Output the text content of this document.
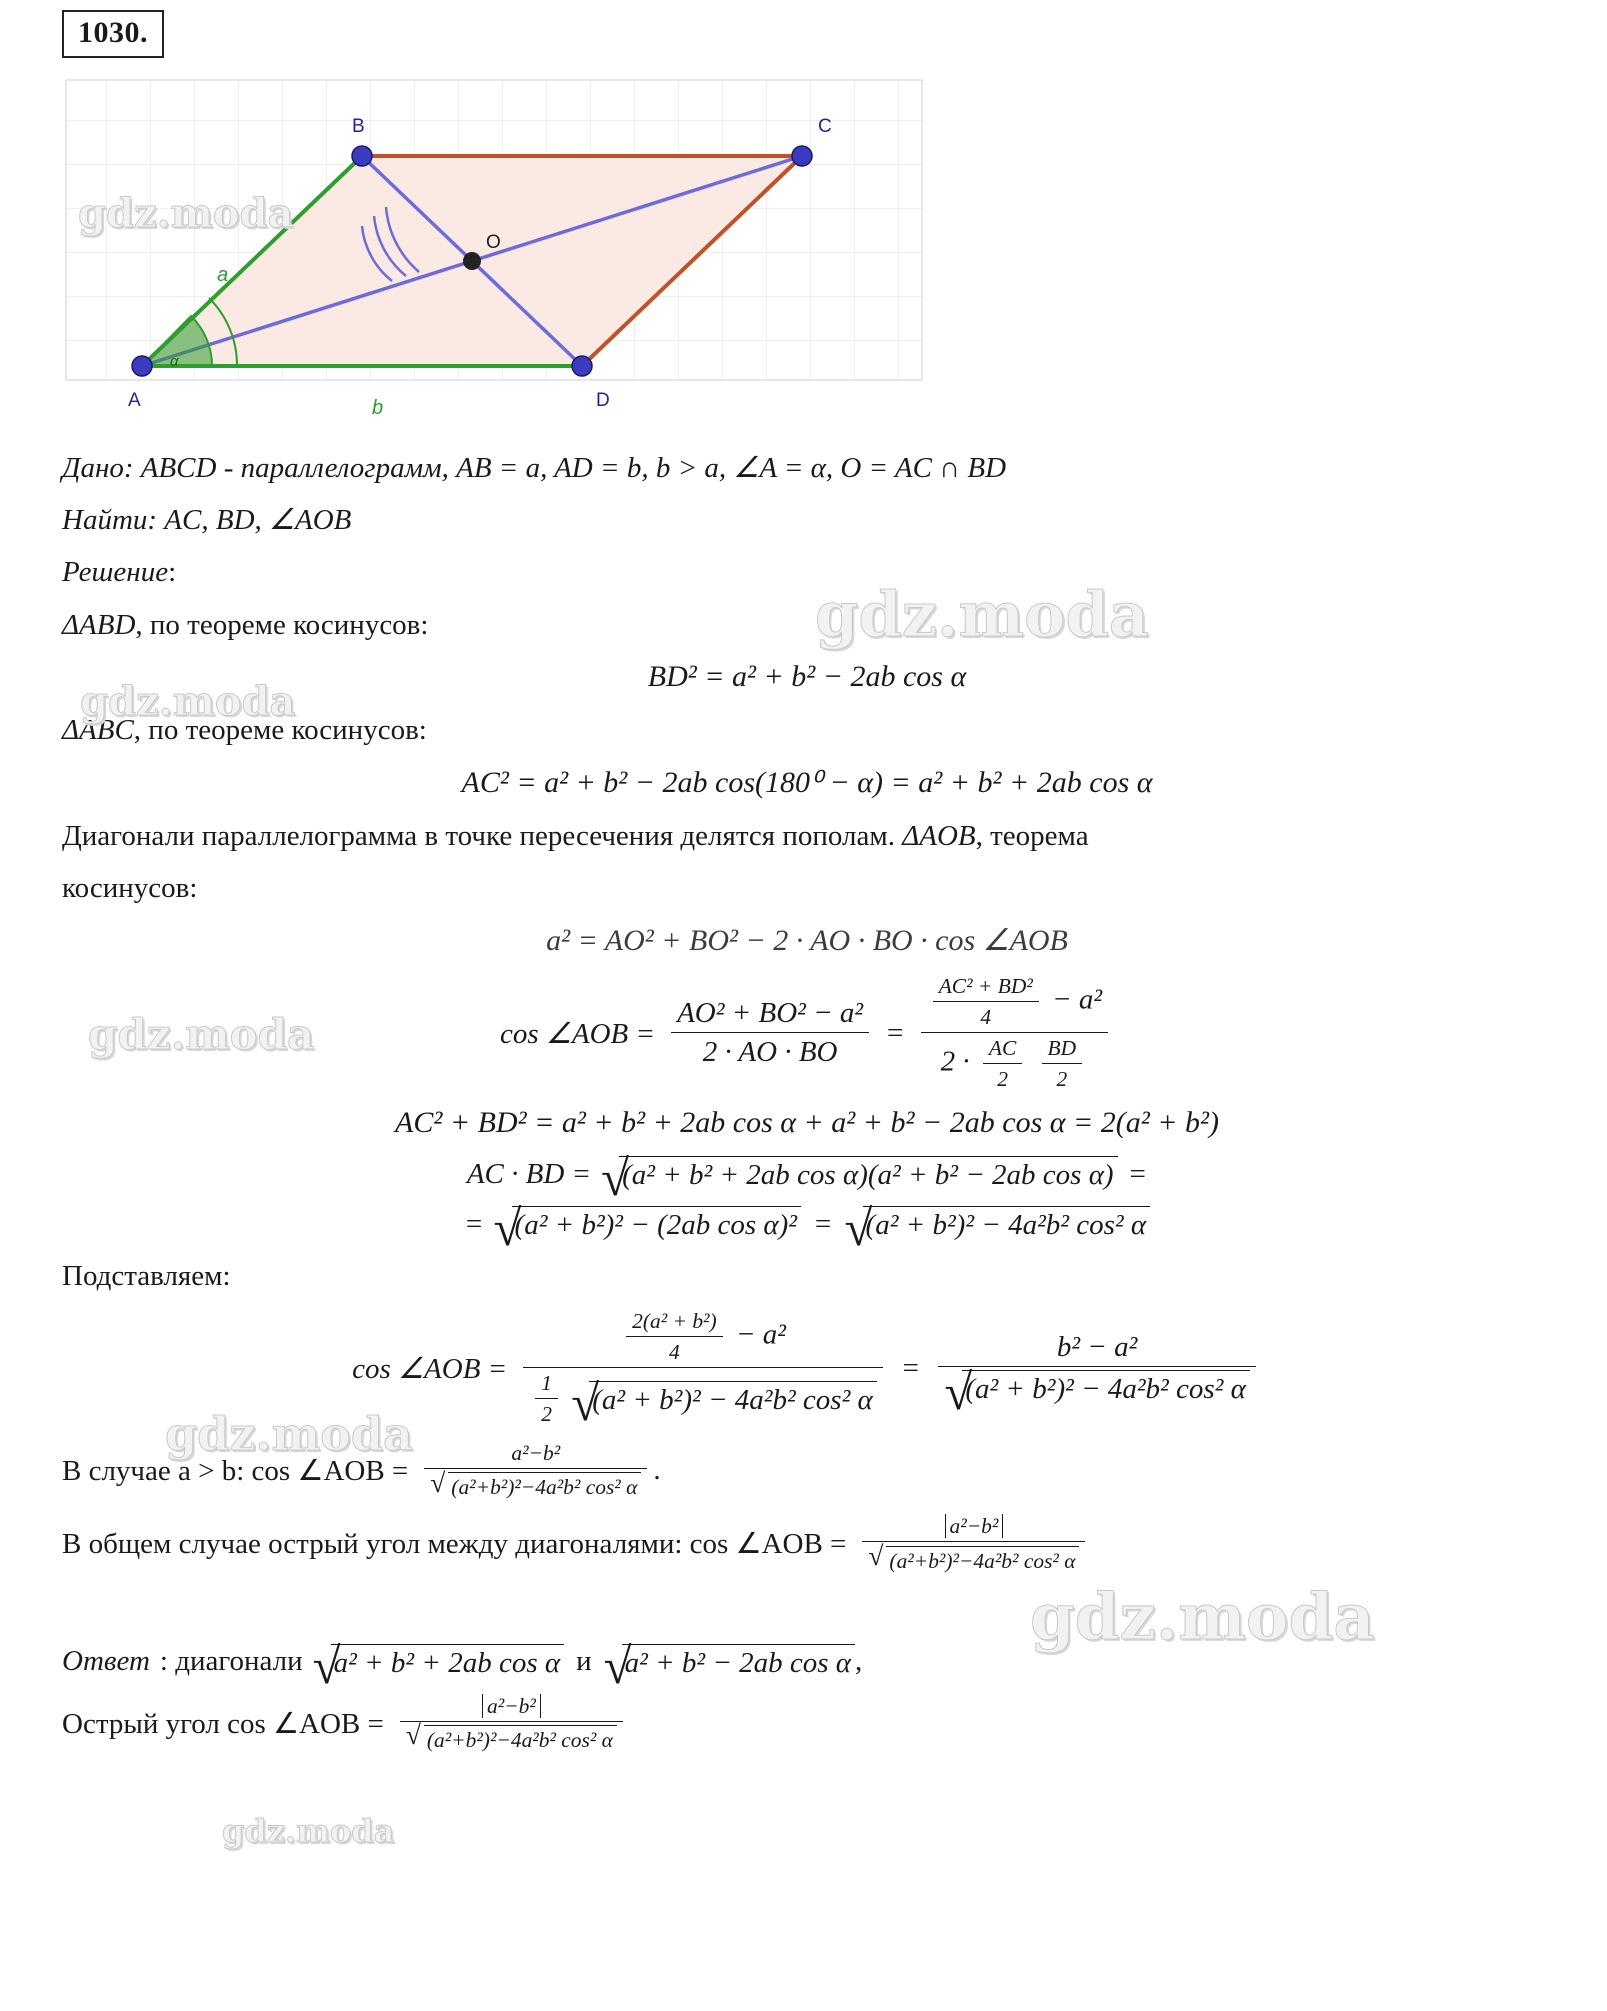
1030.
A
B	C
D
O
a
b
α

Дано: ABCD - параллелограмм, AB = a, AD = b, b > a, ∠A = α, O = AC ∩ BD

Найти: AC, BD, ∠AOB

Решение:

ΔABD, по теореме косинусов:

BD² = a² + b² − 2ab cos α

ΔABC, по теореме косинусов:

AC² = a² + b² − 2ab cos(180⁰ − α) = a² + b² + 2ab cos α

Диагонали параллелограмма в точке пересечения делятся пополам. ΔAOB, теорема

косинусов:

a² = AO² + BO² − 2 · AO · BO · cos ∠AOB

cos ∠AOB = $\frac{\text{AO² + BO² − a²}}{2 \cdot AO \cdot BO}$ =
$\frac{\text{AC² + BD²}}{4} - a^2$
$2 \cdot \frac{AC}{2}$
$\frac{BD}{2}$

AC² + BD² = a² + b² + 2ab cos α + a² + b² − 2ab cos α = 2(a² + b²)

AC · BD =	√ (a² + b² + 2ab cos α)(a² + b² − 2ab cos α) =
=	√ (a² + b²)² − (2ab cos α)² =	√ (a² + b²)² − 4a²b² cos² α

Подставляем:

cos ∠AOB =
$\frac{\text{2(a² + b²)}}{4} - a^2$
$\frac{1}{2}$ √ (a² + b²)² − 4a²b² cos² α
= b² − a²
√ (a² + b²)² − 4a²b² cos² α
В случае a > b: cos ∠AOB = a²−b²
√ (a²+b²)²−4a²b² cos² α .
В общем случае острый угол между диагоналями: cos ∠AOB = a²−b²
√ (a²+b²)²−4a²b² cos² α
Ответ : диагонали	√ a² + b² + 2ab cos α и	√ a² + b² − 2ab cos α ,
Острый угол cos ∠AOB = a²−b²
√ (a²+b²)²−4a²b² cos² α
gdz.moda
gdz.moda
gdz.moda
gdz.moda
gdz.moda
gdz.moda
gdz.moda
